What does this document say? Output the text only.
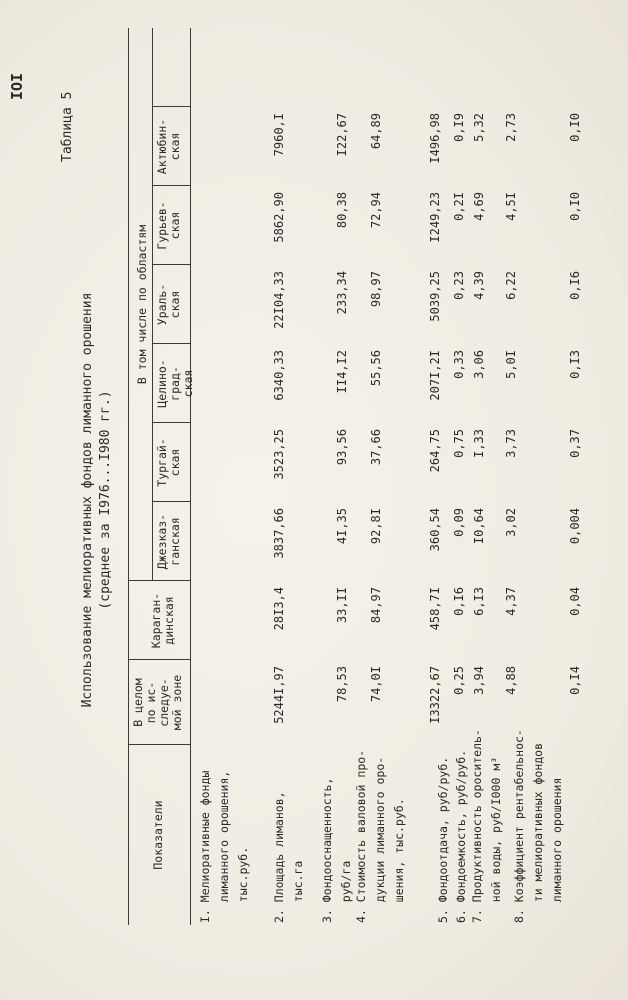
IOI
Таблица 5
Использование мелиоративных фондов лиманного орошения (среднее за I976...I980 гг.)
Показатели
В целом по ис- следуе- мой зоне
В том числе по областям
Караган- динская
Джезказ- ганская
Тургай- ская
Целино- град- ская
Ураль- ская
Гурьев- ская
Актюбин- ская
I. Мелиоративные фонды лиманного орошения, тыс.руб. 2. Площадь лиманов, тыс.га 3. Фондооснащенность, руб/га 4. Стоимость валовой про- дукции лиманного оро- шения, тыс.руб.	5. Фондоотдача, руб/руб. 6. Фондоемкость, руб/руб. 7. Продуктивность ороситель- ной воды, руб/I000 м³ 8. Коэффициент рентабельнос- ти мелиоративных фондов лиманного орошения
5244I,97
28I3,4
3837,66
3523,25
6340,33
22I04,33
5862,90
7960,I
78,53
33,II
4I,35
93,56
II4,I2
233,34
80,38
I22,67
74,0I
84,97
92,8I
37,66
55,56
98,97
72,94
64,89
I3322,67
458,7I
360,54
264,75
207I,2I
5039,25
I249,23
I496,98
0,25
0,I6
0,09
0,75
0,33
0,23
0,2I
0,I9
3,94
6,I3
I0,64
I,33
3,06
4,39
4,69
5,32
4,88
4,37
3,02
3,73
5,0I
6,22
4,5I
2,73
0,I4
0,04
0,004
0,37
0,I3
0,I6
0,I0
0,I0
